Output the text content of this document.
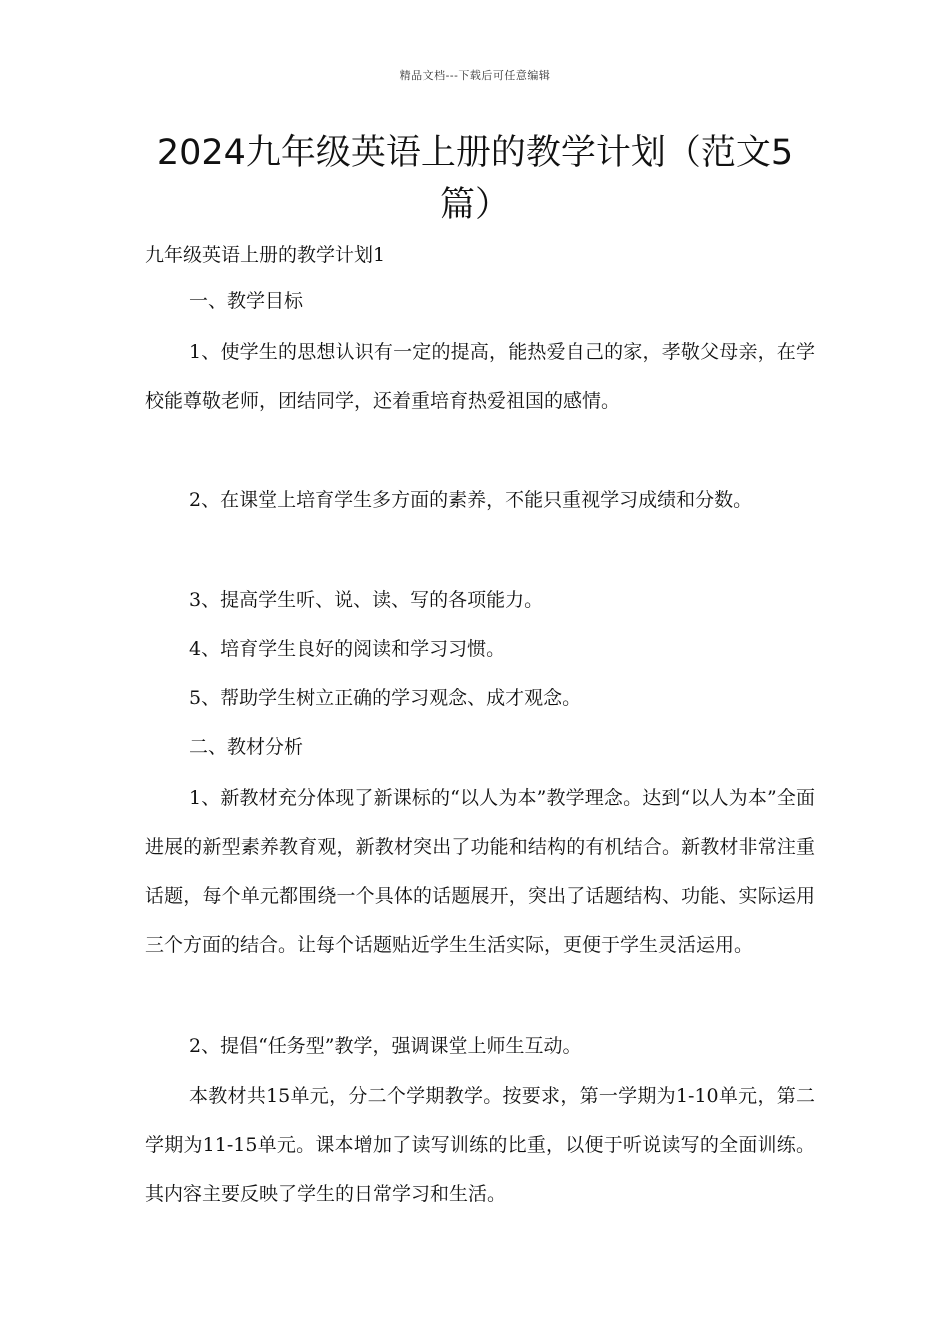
精品文档---下载后可任意编辑
2024九年级英语上册的教学计划（范文5篇）
九年级英语上册的教学计划1

一、教学目标

1、使学生的思想认识有一定的提高，能热爱自己的家，孝敬父母亲，在学校能尊敬老师，团结同学，还着重培育热爱祖国的感情。

2、在课堂上培育学生多方面的素养，不能只重视学习成绩和分数。

3、提高学生听、说、读、写的各项能力。

4、培育学生良好的阅读和学习习惯。

5、帮助学生树立正确的学习观念、成才观念。

二、教材分析

1、新教材充分体现了新课标的“以人为本”教学理念。达到“以人为本”全面进展的新型素养教育观，新教材突出了功能和结构的有机结合。新教材非常注重话题，每个单元都围绕一个具体的话题展开，突出了话题结构、功能、实际运用三个方面的结合。让每个话题贴近学生生活实际，更便于学生灵活运用。

2、提倡“任务型”教学，强调课堂上师生互动。

本教材共15单元，分二个学期教学。按要求，第一学期为1-10单元，第二学期为11-15单元。课本增加了读写训练的比重，以便于听说读写的全面训练。其内容主要反映了学生的日常学习和生活。
